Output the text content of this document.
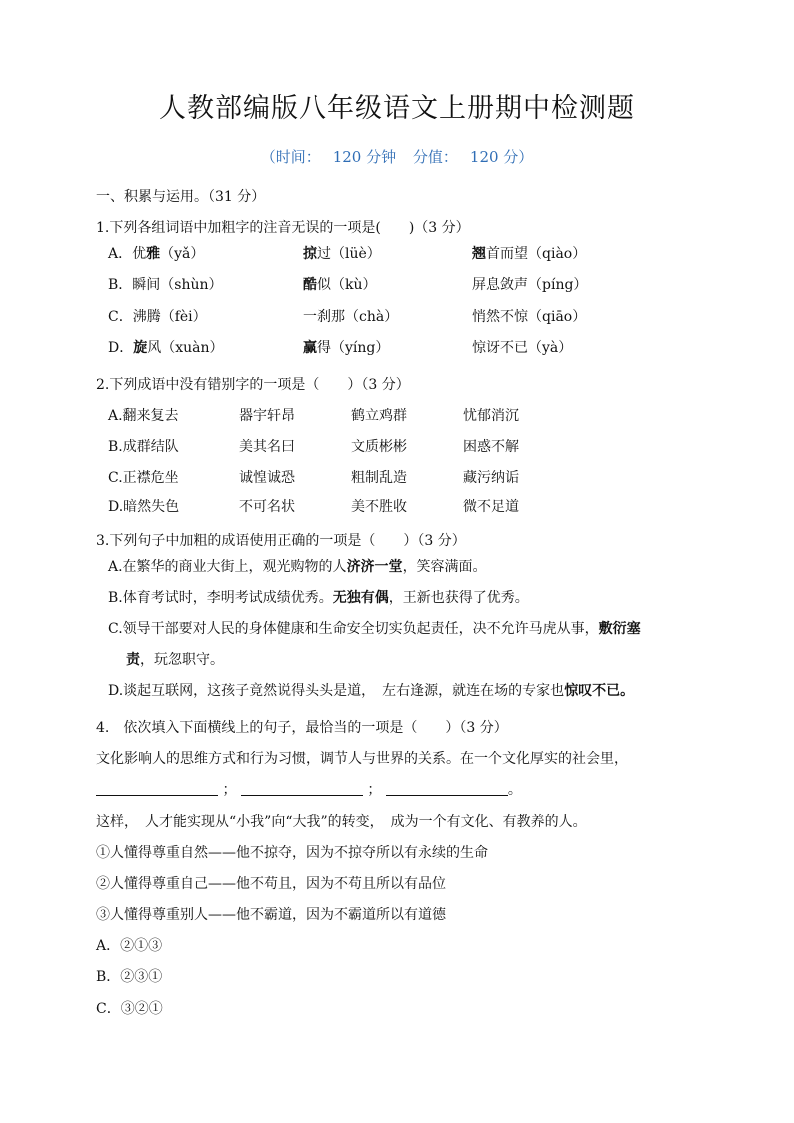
人教部编版八年级语文上册期中检测题
（时间： 120 分钟 分值： 120 分）
一、积累与运用。（31 分）
1.下列各组词语中加粗字的注音无误的一项是(　　)（3 分）
A．优雅（yǎ）	掠过（lüè）	翘首而望（qiào）
B．瞬间（shùn）	酷似（kù）	屏息敛声（píng）
C．沸腾（fèi）	一刹那（chà）	悄然不惊（qiāo）
D．旋风（xuàn）	赢得（yíng）	惊讶不已（yà）
2.下列成语中没有错别字的一项是（　　）（3 分）
A.翻来复去	器宇轩昂	鹤立鸡群	忧郁消沉
B.成群结队	美其名曰	文质彬彬	困惑不解
C.正襟危坐	诚惶诚恐	粗制乱造	藏污纳诟
D.暗然失色	不可名状	美不胜收	微不足道
3.下列句子中加粗的成语使用正确的一项是（　　）（3 分）
A.在繁华的商业大街上，观光购物的人济济一堂，笑容满面。
B.体育考试时，李明考试成绩优秀。无独有偶，王新也获得了优秀。
C.领导干部要对人民的身体健康和生命安全切实负起责任，决不允许马虎从事，敷衍塞
责，玩忽职守。
D.谈起互联网，这孩子竟然说得头头是道，　左右逢源，就连在场的专家也惊叹不已。
4.　依次填入下面横线上的句子，最恰当的一项是（　　）（3 分）
文化影响人的思维方式和行为习惯，调节人与世界的关系。在一个文化厚实的社会里，
；	；	。
这样，　人才能实现从“小我”向“大我”的转变，　成为一个有文化、有教养的人。
①人懂得尊重自然——他不掠夺，因为不掠夺所以有永续的生命
②人懂得尊重自己——他不苟且，因为不苟且所以有品位
③人懂得尊重别人——他不霸道，因为不霸道所以有道德
A．②①③
B．②③①
C．③②①
